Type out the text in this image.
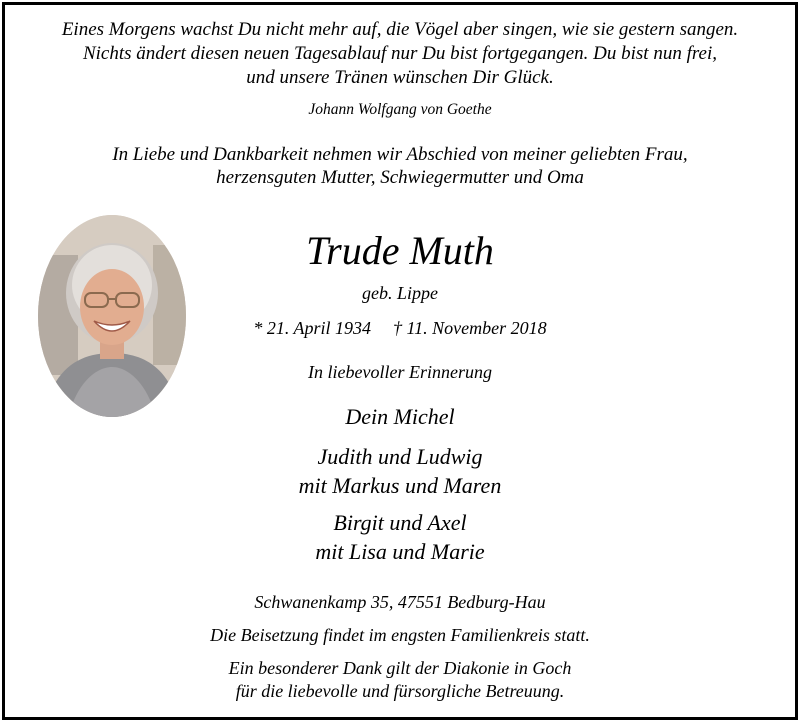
Eines Morgens wachst Du nicht mehr auf, die Vögel aber singen, wie sie gestern sangen.

Nichts ändert diesen neuen Tagesablauf nur Du bist fortgegangen. Du bist nun frei,

und unsere Tränen wünschen Dir Glück.

Johann Wolfgang von Goethe

In Liebe und Dankbarkeit nehmen wir Abschied von meiner geliebten Frau,

herzensguten Mutter, Schwiegermutter und Oma

Trude Muth

geb. Lippe

* 21. April 1934 † 11. November 2018

In liebevoller Erinnerung

Dein Michel

Judith und Ludwig

mit Markus und Maren

Birgit und Axel

mit Lisa und Marie

Schwanenkamp 35, 47551 Bedburg-Hau

Die Beisetzung findet im engsten Familienkreis statt.

Ein besonderer Dank gilt der Diakonie in Goch

für die liebevolle und fürsorgliche Betreuung.
